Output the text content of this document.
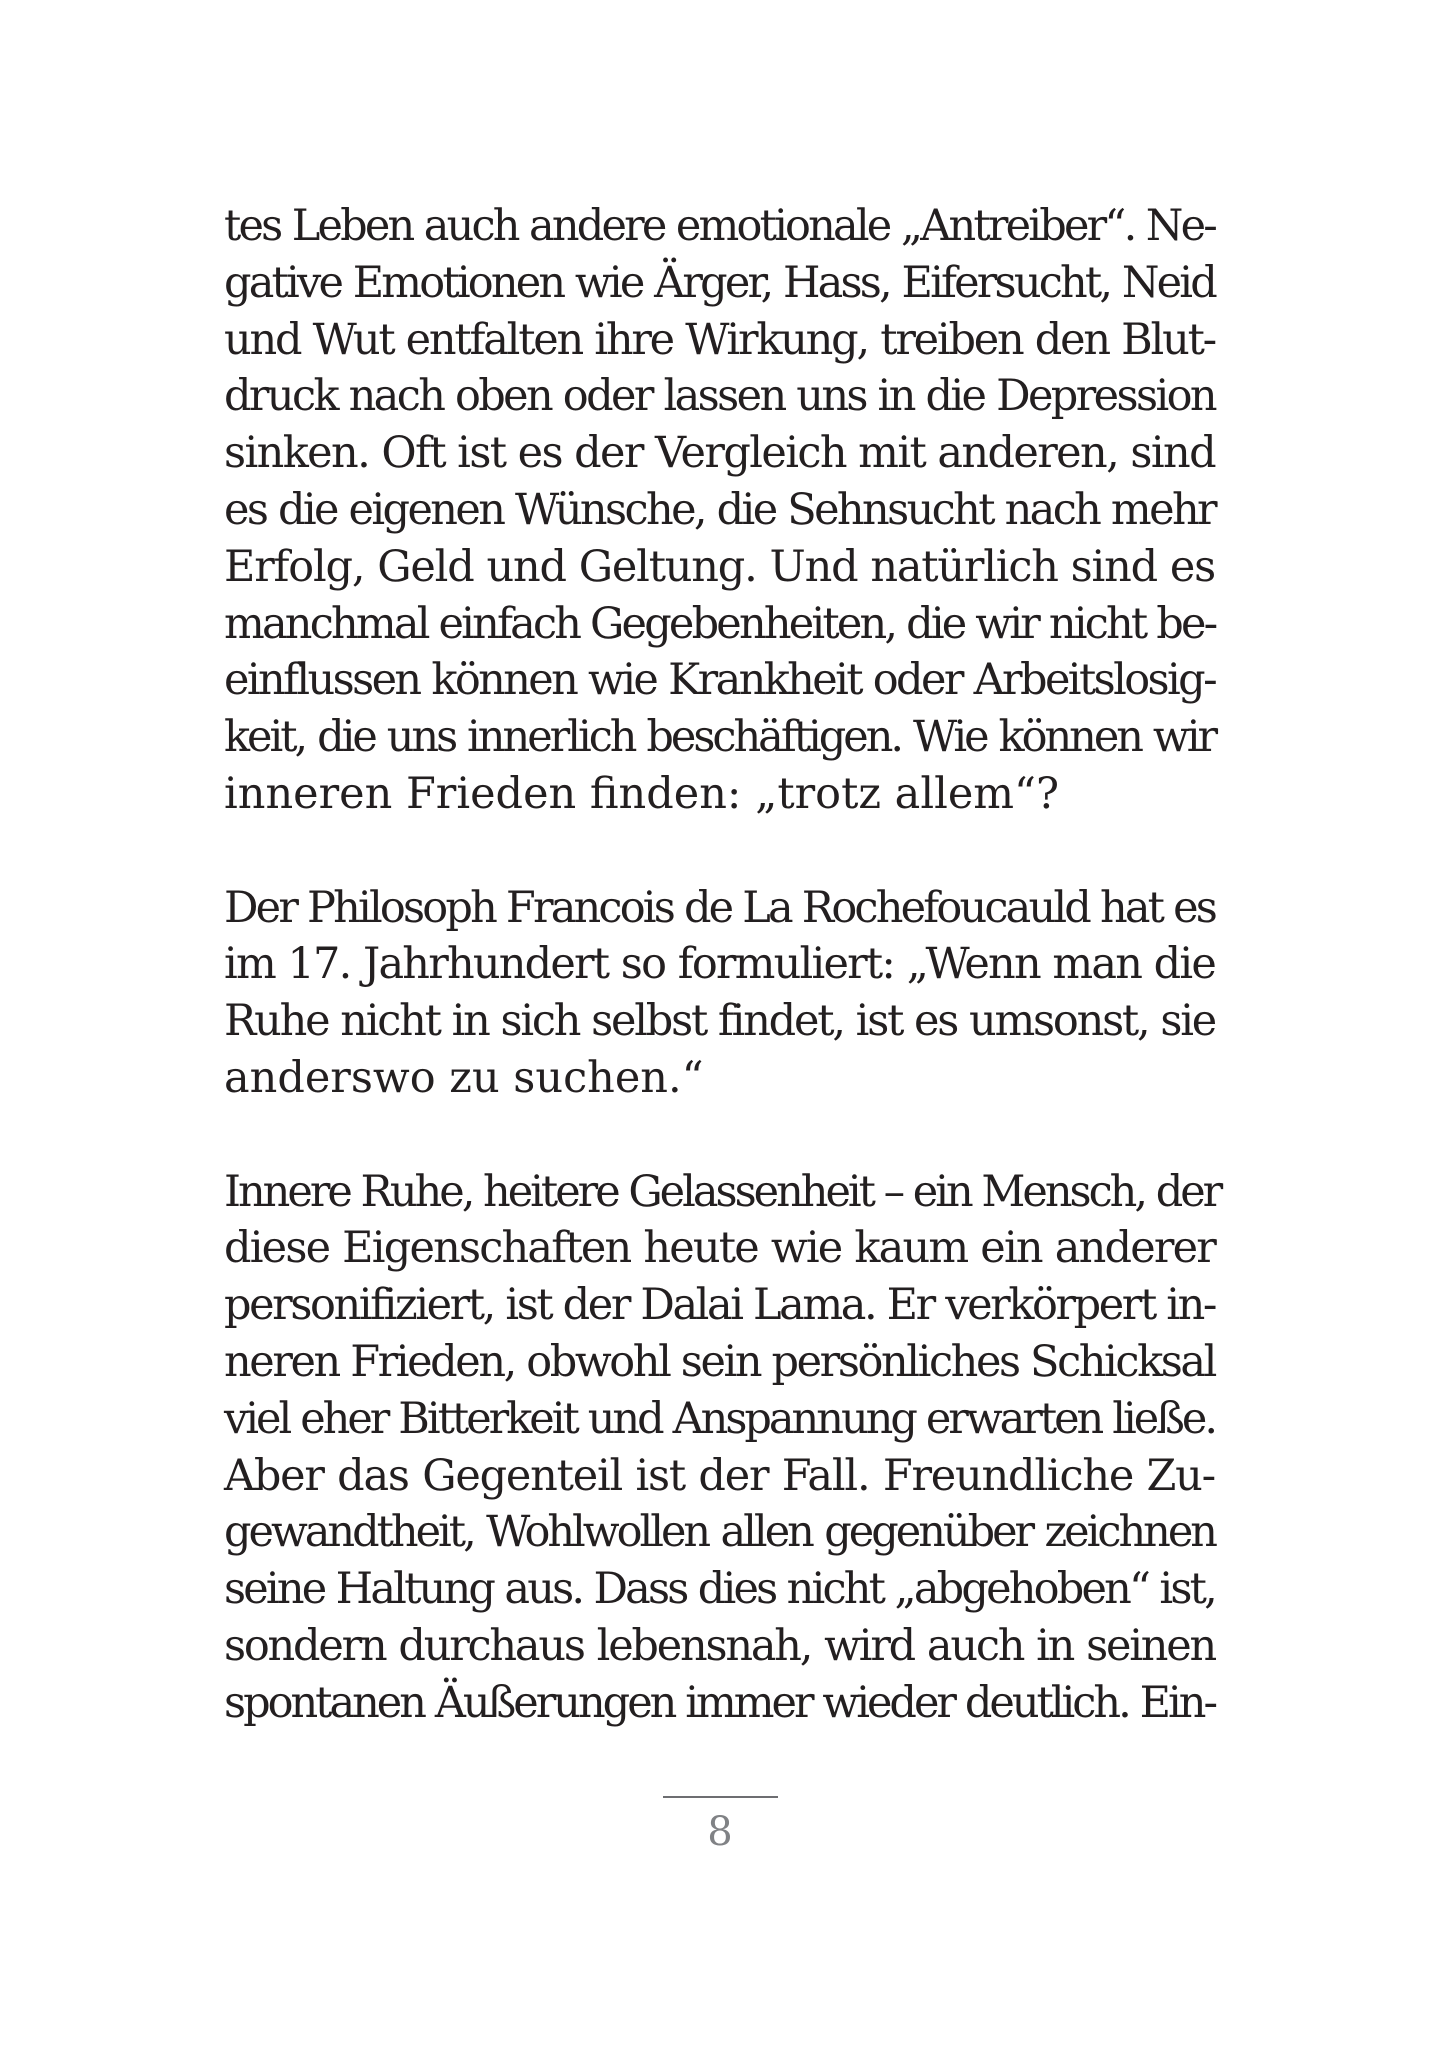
tes Leben auch andere emotionale „Antreiber“. Ne-
gative Emotionen wie Ärger, Hass, Eifersucht, Neid
und Wut entfalten ihre Wirkung, treiben den Blut-
druck nach oben oder lassen uns in die Depression
sinken. Oft ist es der Vergleich mit anderen, sind
es die eigenen Wünsche, die Sehnsucht nach mehr
Erfolg, Geld und Geltung. Und natürlich sind es
manchmal einfach Gegebenheiten, die wir nicht be-
einflussen können wie Krankheit oder Arbeitslosig-
keit, die uns innerlich beschäftigen. Wie können wir
inneren Frieden finden: „trotz allem“?
Der Philosoph Francois de La Rochefoucauld hat es
im 17. Jahrhundert so formuliert: „Wenn man die
Ruhe nicht in sich selbst findet, ist es umsonst, sie
anderswo zu suchen.“
Innere Ruhe, heitere Gelassenheit – ein Mensch, der
diese Eigenschaften heute wie kaum ein anderer
personifiziert, ist der Dalai Lama. Er verkörpert in-
neren Frieden, obwohl sein persönliches Schicksal
viel eher Bitterkeit und Anspannung erwarten ließe.
Aber das Gegenteil ist der Fall. Freundliche Zu-
gewandtheit, Wohlwollen allen gegenüber zeichnen
seine Haltung aus. Dass dies nicht „abgehoben“ ist,
sondern durchaus lebensnah, wird auch in seinen
spontanen Äußerungen immer wieder deutlich. Ein-
8
